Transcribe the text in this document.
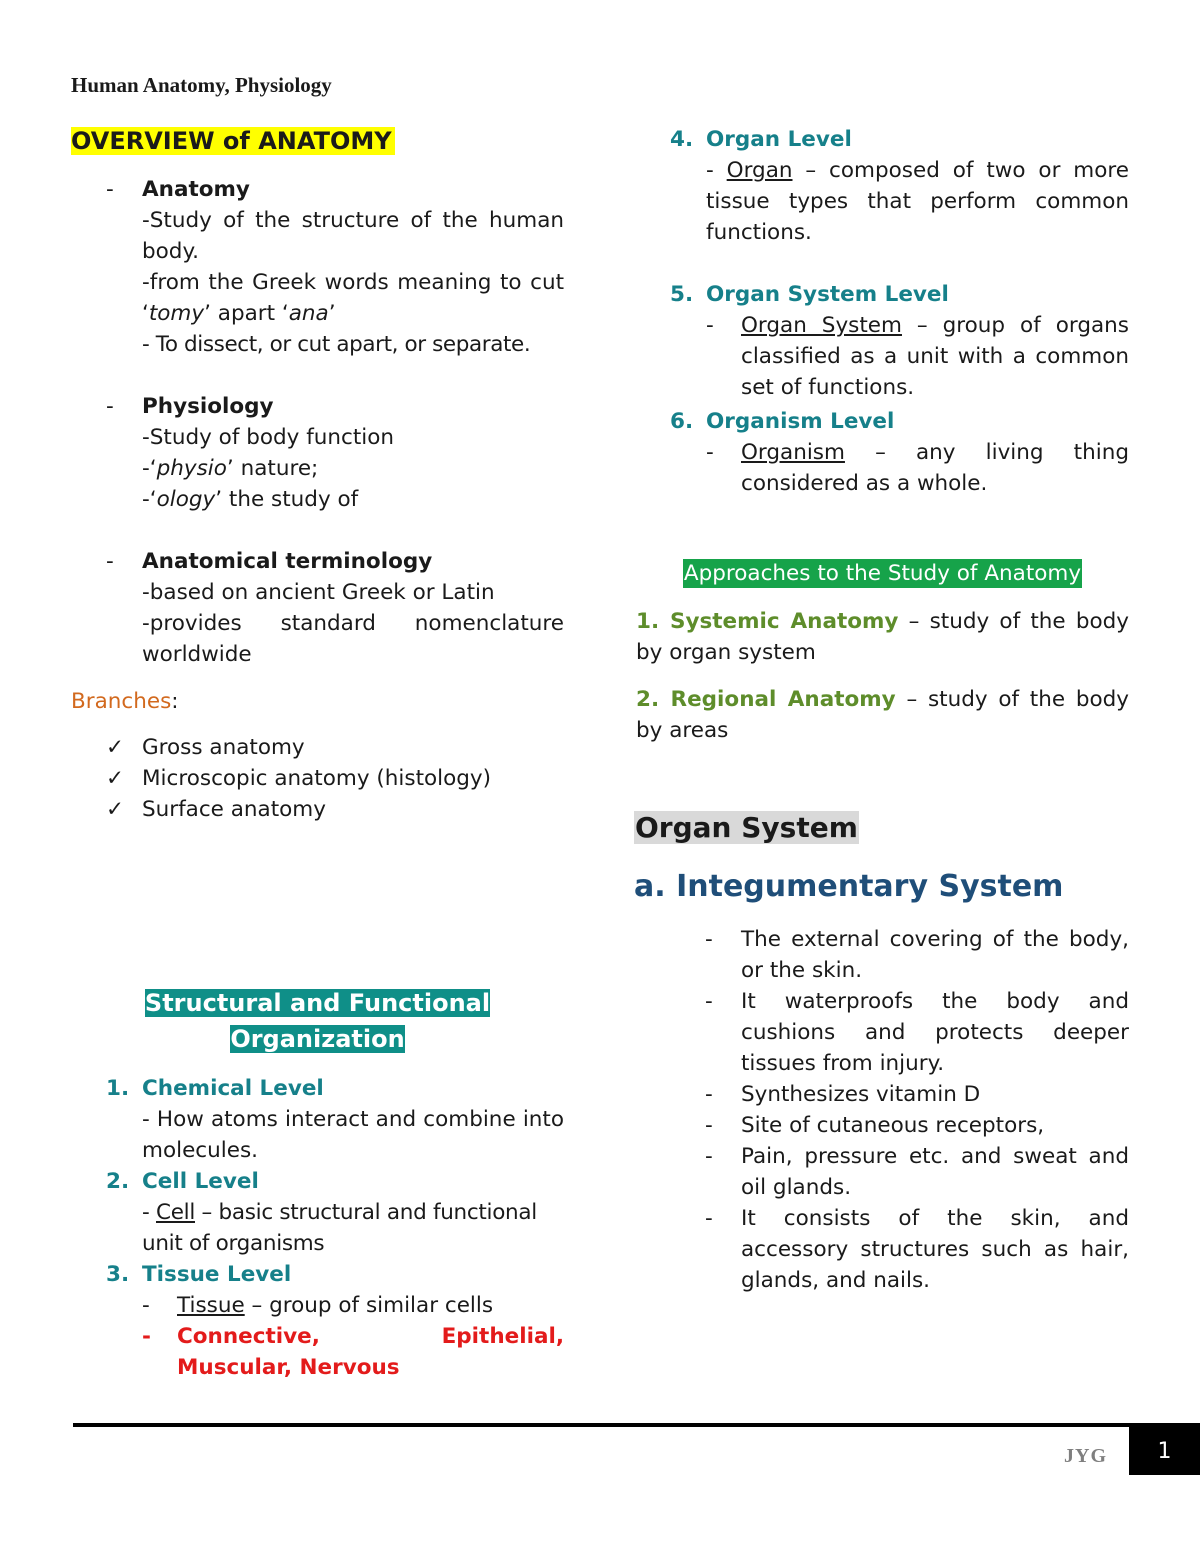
Human Anatomy, Physiology
OVERVIEW of ANATOMY
- Anatomy
-Study of the structure of the human body.
-from the Greek words meaning to cut ‘tomy’ apart ‘ana’
- To dissect, or cut apart, or separate.
- Physiology
-Study of body function
-‘physio’ nature;
-‘ology’ the study of
- Anatomical terminology
-based on ancient Greek or Latin
-provides standard nomenclature worldwide
Branches:
✓ Gross anatomy
✓ Microscopic anatomy (histology)
✓ Surface anatomy
Structural and Functional
Organization
1. Chemical Level
- How atoms interact and combine into molecules.
2. Cell Level
- Cell – basic structural and functional unit of organisms
3. Tissue Level
-	Tissue – group of similar cells
-	Connective, Epithelial, Muscular, Nervous
4. Organ Level
- Organ – composed of two or more tissue types that perform common functions.
5. Organ System Level
-	Organ System – group of organs classified as a unit with a common set of functions.
6. Organism Level
-	Organism – any living thing considered as a whole.
Approaches to the Study of Anatomy
1. Systemic Anatomy – study of the body by organ system
2. Regional Anatomy – study of the body by areas
Organ System
a. Integumentary System
- The external covering of the body, or the skin.
- It waterproofs the body and cushions and protects deeper tissues from injury.
- Synthesizes vitamin D
- Site of cutaneous receptors,
- Pain, pressure etc. and sweat and oil glands.
- It consists of the skin, and accessory structures such as hair, glands, and nails.
JYG	1
